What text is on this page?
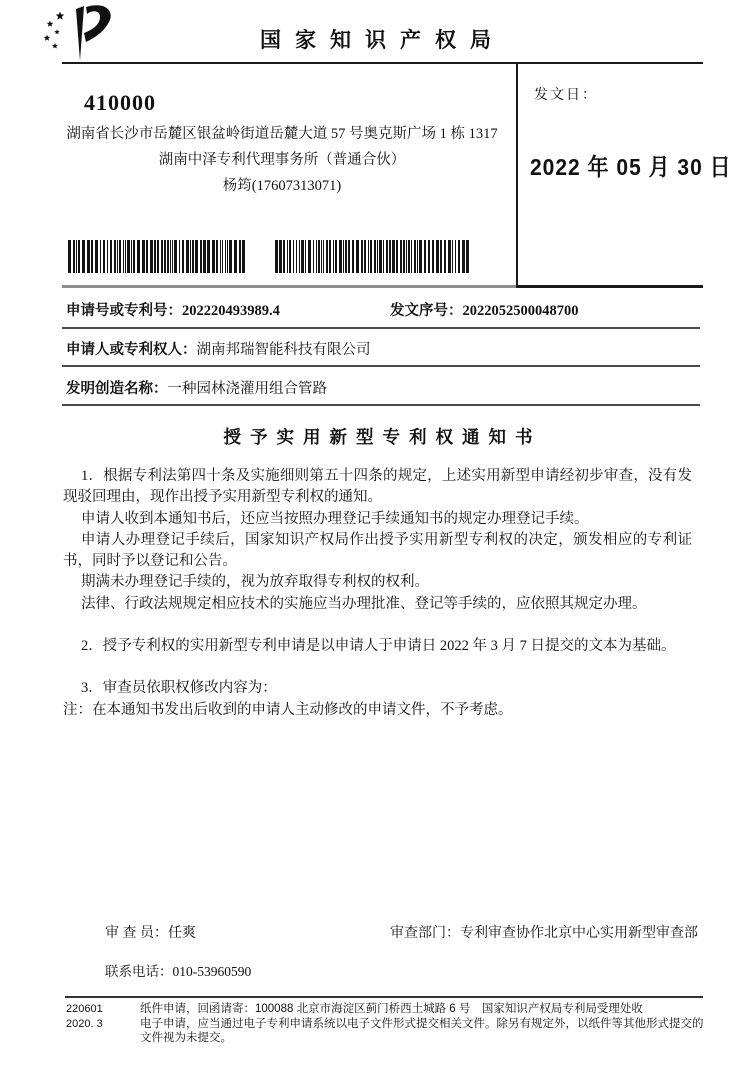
国家知识产权局
发文日：
2022 年 05 月 30 日
410000
湖南省长沙市岳麓区银盆岭街道岳麓大道 57 号奥克斯广场 1 栋 1317
湖南中泽专利代理事务所（普通合伙）
杨筠(17607313071)
申请号或专利号：202220493989.4	发文序号：2022052500048700
申请人或专利权人：湖南邦瑞智能科技有限公司
发明创造名称：一种园林浇灌用组合管路
授予实用新型专利权通知书

1．根据专利法第四十条及实施细则第五十四条的规定，上述实用新型申请经初步审查，没有发现驳回理由，现作出授予实用新型专利权的通知。

申请人收到本通知书后，还应当按照办理登记手续通知书的规定办理登记手续。

申请人办理登记手续后，国家知识产权局作出授予实用新型专利权的决定，颁发相应的专利证书，同时予以登记和公告。

期满未办理登记手续的，视为放弃取得专利权的权利。

法律、行政法规规定相应技术的实施应当办理批准、登记等手续的，应依照其规定办理。

2．授予专利权的实用新型专利申请是以申请人于申请日 2022 年 3 月 7 日提交的文本为基础。

3．审查员依职权修改内容为：

注：在本通知书发出后收到的申请人主动修改的申请文件，不予考虑。

审 查 员：任爽	审查部门：专利审查协作北京中心实用新型审查部
联系电话：010-53960590
220601
2020. 3
纸件申请，回函请寄：100088 北京市海淀区蓟门桥西土城路 6 号　国家知识产权局专利局受理处收
电子申请，应当通过电子专利申请系统以电子文件形式提交相关文件。除另有规定外，以纸件等其他形式提交的
文件视为未提交。
